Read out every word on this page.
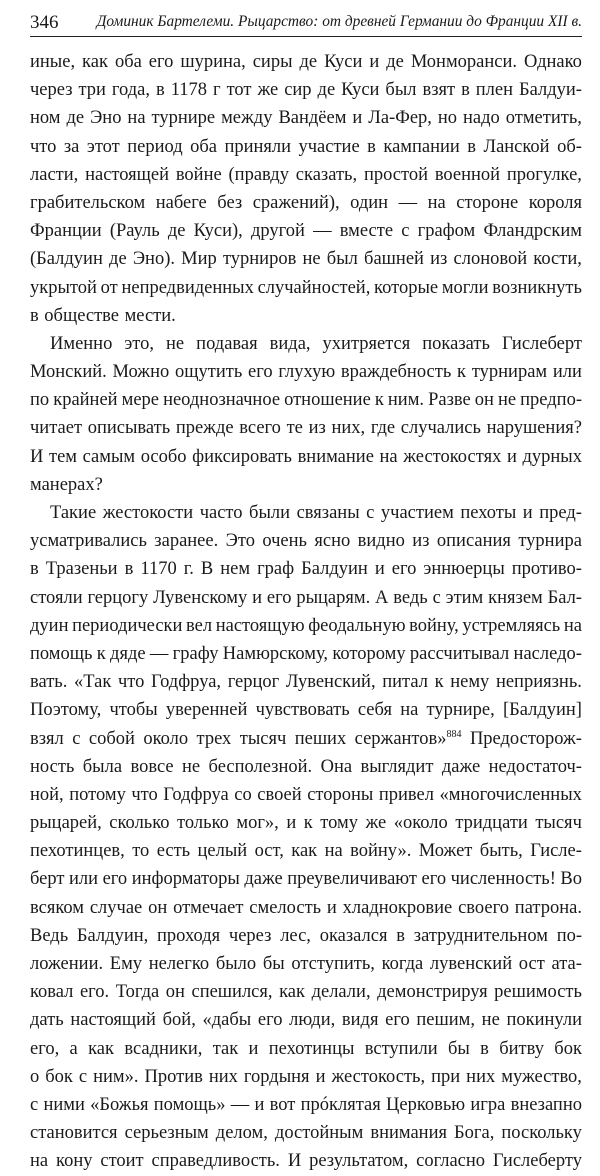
346 Доминик Бартелеми. Рыцарство: от древней Германии до Франции XII в.
иные, как оба его шурина, сиры де Куси и де Монморанси. Однако
через три года, в 1178 г тот же сир де Куси был взят в плен Балдуи-
ном де Эно на турнире между Вандёем и Ла-Фер, но надо отметить,
что за этот период оба приняли участие в кампании в Ланской об-
ласти, настоящей войне (правду сказать, простой военной прогулке,
грабительском набеге без сражений), один — на стороне короля
Франции (Рауль де Куси), другой — вместе с графом Фландрским
(Балдуин де Эно). Мир турниров не был башней из слоновой кости,
укрытой от непредвиденных случайностей, которые могли возникнуть
в обществе мести.
Именно это, не подавая вида, ухитряется показать Гислеберт
Монский. Можно ощутить его глухую враждебность к турнирам или
по крайней мере неоднозначное отношение к ним. Разве он не предпо-
читает описывать прежде всего те из них, где случались нарушения?
И тем самым особо фиксировать внимание на жестокостях и дурных
манерах?
Такие жестокости часто были связаны с участием пехоты и пред-
усматривались заранее. Это очень ясно видно из описания турнира
в Тразеньи в 1170 г. В нем граф Балдуин и его эннюерцы противо-
стояли герцогу Лувенскому и его рыцарям. А ведь с этим князем Бал-
дуин периодически вел настоящую феодальную войну, устремляясь на
помощь к дяде — графу Намюрскому, которому рассчитывал наследо-
вать. «Так что Годфруа, герцог Лувенский, питал к нему неприязнь.
Поэтому, чтобы уверенней чувствовать себя на турнире, [Балдуин]
взял с собой около трех тысяч пеших сержантов»$^{884}$ Предосторож-
ность была вовсе не бесполезной. Она выглядит даже недостаточ-
ной, потому что Годфруа со своей стороны привел «многочисленных
рыцарей, сколько только мог», и к тому же «около тридцати тысяч
пехотинцев, то есть целый ост, как на войну». Может быть, Гисле-
берт или его информаторы даже преувеличивают его численность! Во
всяком случае он отмечает смелость и хладнокровие своего патрона.
Ведь Балдуин, проходя через лес, оказался в затруднительном по-
ложении. Ему нелегко было бы отступить, когда лувенский ост ата-
ковал его. Тогда он спешился, как делали, демонстрируя решимость
дать настоящий бой, «дабы его люди, видя его пешим, не покинули
его, а как всадники, так и пехотинцы вступили бы в битву бок
о бок с ним». Против них гордыня и жестокость, при них мужество,
с ними «Божья помощь» — и вот прóклятая Церковью игра внезапно
становится серьезным делом, достойным внимания Бога, поскольку
на кону стоит справедливость. И результатом, согласно Гислеберту
